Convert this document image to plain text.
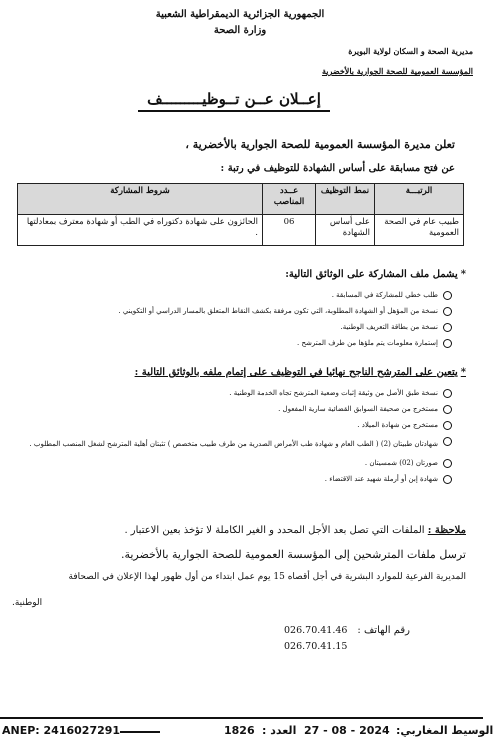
الجمهورية الجزائرية الديمقراطية الشعبية
وزارة الصحة
مديرية الصحة و السكان لولاية البويرة
المؤسسة العمومية للصحة الجوارية بالأخضرية
إعــلان عــن تــوظيـــــــــف
تعلن مديرة المؤسسة العمومية للصحة الجوارية بالأخضرية ،
عن فتح مسابقة على أساس الشهادة للتوظيف في رتبة :
الرتبـــة	نمط التوظيف	عــدد المناصب	شروط المشاركة
طبيب عام في الصحة العمومية	على أساس الشهادة	06	الحائزون على شهادة دكتوراه في الطب أو شهادة معترف بمعادلتها .
*يشمل ملف المشاركة على الوثائق التالية:
طلب خطي للمشاركة في المسابقة .
نسخة من المؤهل أو الشهادة المطلوبة، التي تكون مرفقة بكشف النقاط المتعلق بالمسار الدراسي أو التكويني .
نسخة من بطاقة التعريف الوطنية.
إستمارة معلومات يتم ملؤها من طرف المترشح .
*يتعين على المترشح الناجح نهائيا في التوظيف على إتمام ملفه بالوثائق التالية :
نسخة طبق الأصل من وثيقة إثبات وضعية المترشح تجاه الخدمة الوطنية .
مستخرج من صحيفة السوابق القضائية سارية المفعول .
مستخرج من شهادة الميلاد .
شهادتان طبيتان (2) ( الطب العام و شهادة طب الأمراض الصدرية من طرف طبيب متخصص ) تثبتان أهلية المترشح لشغل المنصب المطلوب .
صورتان (02) شمسيتان .
شهادة إبن أو أرملة شهيد عند الاقتضاء .
ملاحظة : الملفات التي تصل بعد الأجل المحدد و الغير الكاملة لا تؤخذ بعين الاعتبار .
ترسل ملفات المترشحين إلى المؤسسة العمومية للصحة الجوارية بالأخضرية.
المديرية الفرعية للموارد البشرية في أجل أقصاه 15 يوم عمل ابتداء من أول ظهور لهذا الإعلان في الصحافة
الوطنية.
رقم الهاتف :
026.70.41.46
026.70.41.15
ANEP: 2416027291	1826 العدد : 27 - 08 - 2024 الوسيط المغاربي:
